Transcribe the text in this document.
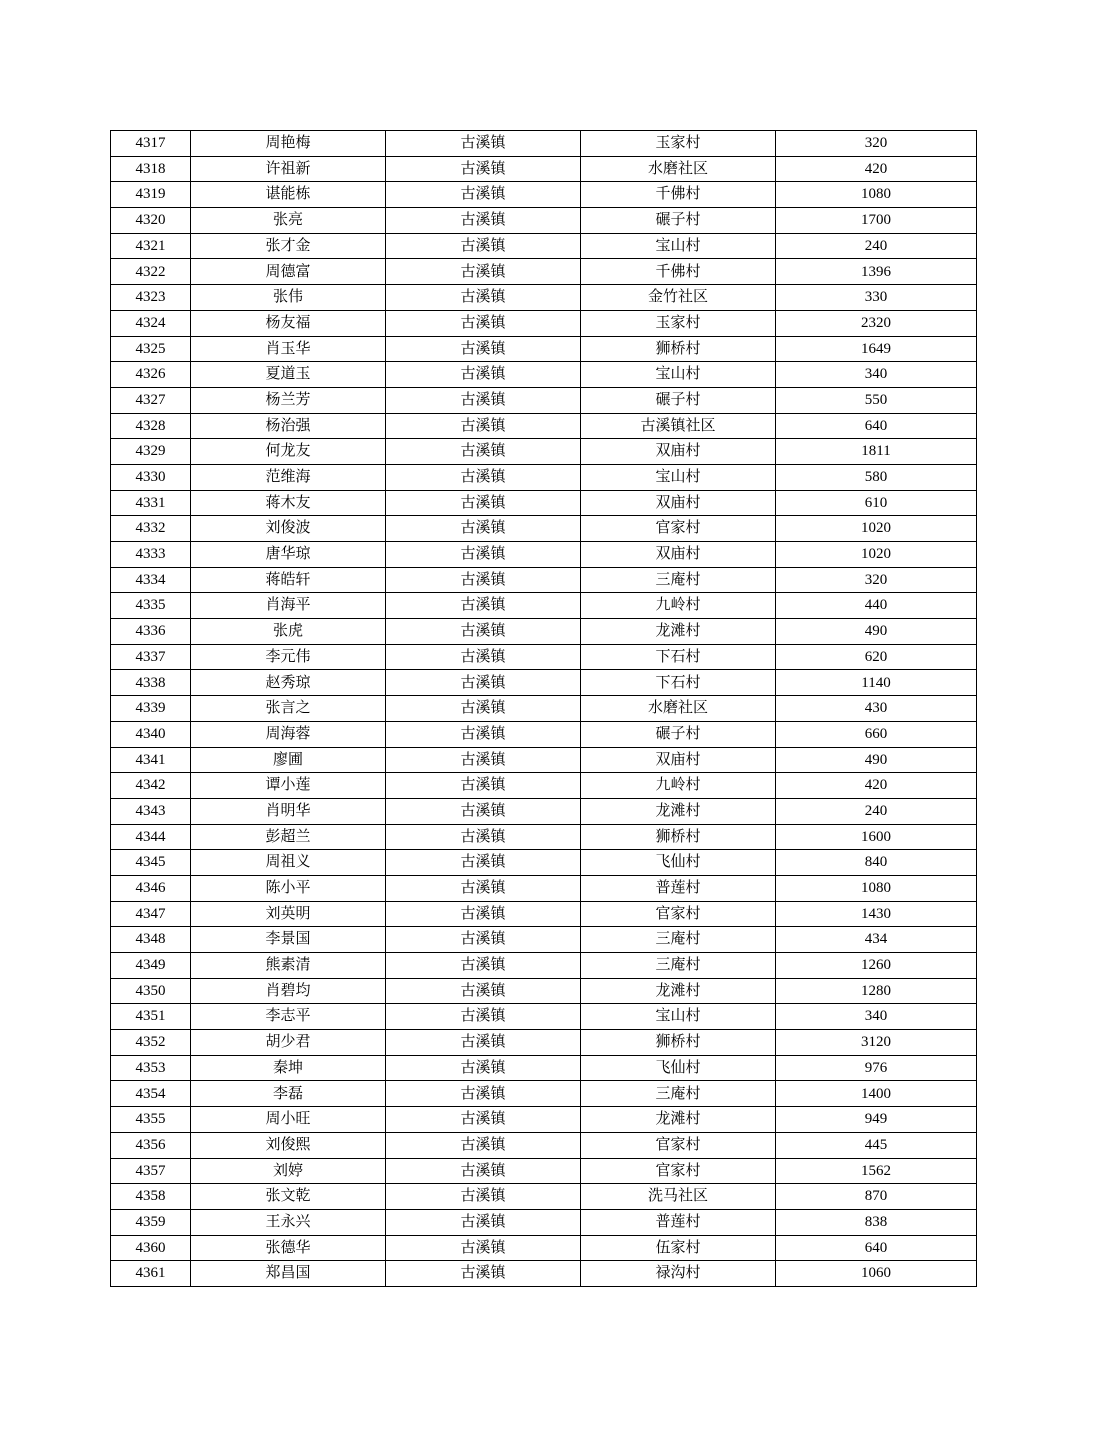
4317	周艳梅	古溪镇	玉家村	320
4318	许祖新	古溪镇	水磨社区	420
4319	谌能栋	古溪镇	千佛村	1080
4320	张亮	古溪镇	碾子村	1700
4321	张才金	古溪镇	宝山村	240
4322	周德富	古溪镇	千佛村	1396
4323	张伟	古溪镇	金竹社区	330
4324	杨友福	古溪镇	玉家村	2320
4325	肖玉华	古溪镇	狮桥村	1649
4326	夏道玉	古溪镇	宝山村	340
4327	杨兰芳	古溪镇	碾子村	550
4328	杨治强	古溪镇	古溪镇社区	640
4329	何龙友	古溪镇	双庙村	1811
4330	范维海	古溪镇	宝山村	580
4331	蒋木友	古溪镇	双庙村	610
4332	刘俊波	古溪镇	官家村	1020
4333	唐华琼	古溪镇	双庙村	1020
4334	蒋皓轩	古溪镇	三庵村	320
4335	肖海平	古溪镇	九岭村	440
4336	张虎	古溪镇	龙滩村	490
4337	李元伟	古溪镇	下石村	620
4338	赵秀琼	古溪镇	下石村	1140
4339	张言之	古溪镇	水磨社区	430
4340	周海蓉	古溪镇	碾子村	660
4341	廖圃	古溪镇	双庙村	490
4342	谭小莲	古溪镇	九岭村	420
4343	肖明华	古溪镇	龙滩村	240
4344	彭超兰	古溪镇	狮桥村	1600
4345	周祖义	古溪镇	飞仙村	840
4346	陈小平	古溪镇	普莲村	1080
4347	刘英明	古溪镇	官家村	1430
4348	李景国	古溪镇	三庵村	434
4349	熊素清	古溪镇	三庵村	1260
4350	肖碧均	古溪镇	龙滩村	1280
4351	李志平	古溪镇	宝山村	340
4352	胡少君	古溪镇	狮桥村	3120
4353	秦坤	古溪镇	飞仙村	976
4354	李磊	古溪镇	三庵村	1400
4355	周小旺	古溪镇	龙滩村	949
4356	刘俊熙	古溪镇	官家村	445
4357	刘婷	古溪镇	官家村	1562
4358	张文乾	古溪镇	洗马社区	870
4359	王永兴	古溪镇	普莲村	838
4360	张德华	古溪镇	伍家村	640
4361	郑昌国	古溪镇	禄沟村	1060
